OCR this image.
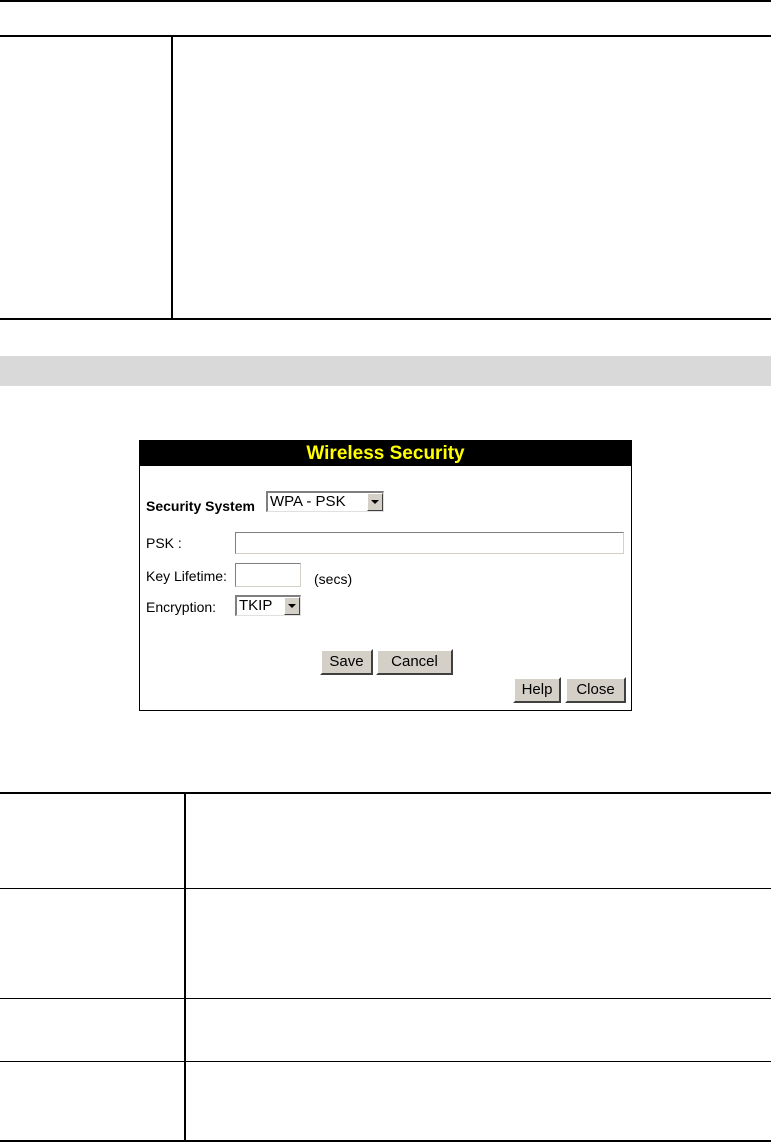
Wireless Security
Security System WPA - PSK
PSK :
Key Lifetime:	(secs)
Encryption: TKIP
Save	Cancel
Help	Close
